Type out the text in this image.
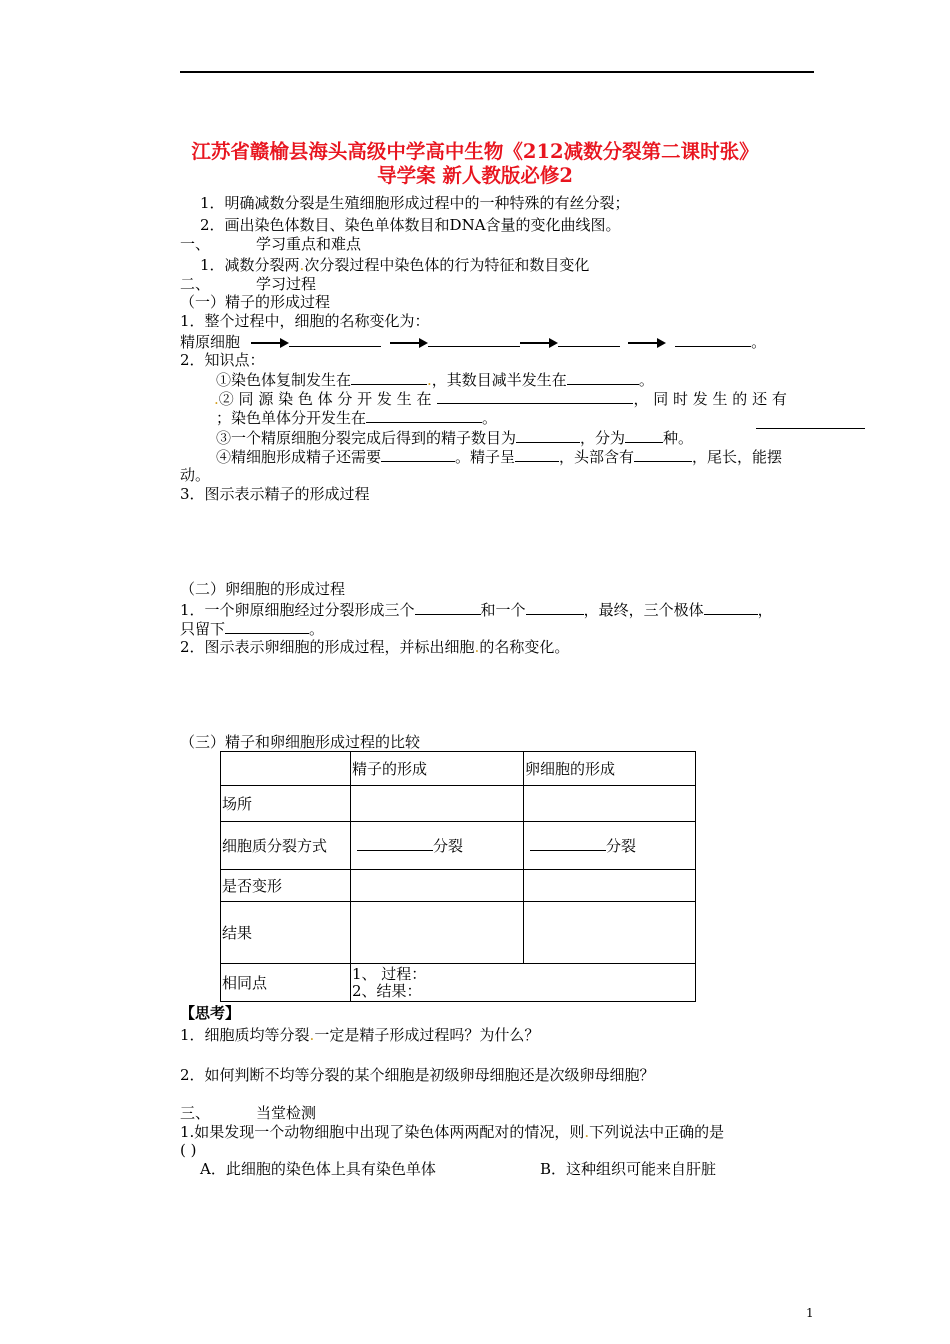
江苏省赣榆县海头高级中学高中生物《212减数分裂第二课时张》
导学案 新人教版必修2
1．明确减数分裂是生殖细胞形成过程中的一种特殊的有丝分裂；
2．画出染色体数目、染色单体数目和DNA含量的变化曲线图。
一、	学习重点和难点
1．减数分裂两.次分裂过程中染色体的行为特征和数目变化
二、	学习过程
（一）精子的形成过程
1．整个过程中，细胞的名称变化为：
精原细胞	。
2．知识点：
①染色体复制发生在	.，其数目减半发生在	。
.② 同 源 染 色 体 分 开 发 生 在	， 同 时 发 生 的 还 有
；染色单体分开发生在	。
③一个精原细胞分裂完成后得到的精子数目为	，分为	种。
④精细胞形成精子还需要	。精子呈	，头部含有	，尾长，能摆
动。
3．图示表示精子的形成过程
（二）卵细胞的形成过程
1．一个卵原细胞经过分裂形成三个	和一个	，最终，三个极体	，
只留下	。
2．图示表示卵细胞的形成过程，并标出细胞.的名称变化。
（三）精子和卵细胞形成过程的比较
	精子的形成	卵细胞的形成
场所		
细胞质分裂方式	分裂	分裂
是否变形		
结果		
相同点	1、 过程：
2、结果：	
【思考】
1．细胞质均等分裂.一定是精子形成过程吗？为什么？
2．如何判断不均等分裂的某个细胞是初级卵母细胞还是次级卵母细胞？
三、	当堂检测
1.如果发现一个动物细胞中出现了染色体两两配对的情况，则.下列说法中正确的是
( )
A．此细胞的染色体上具有染色单体	B．这种组织可能来自肝脏
1
